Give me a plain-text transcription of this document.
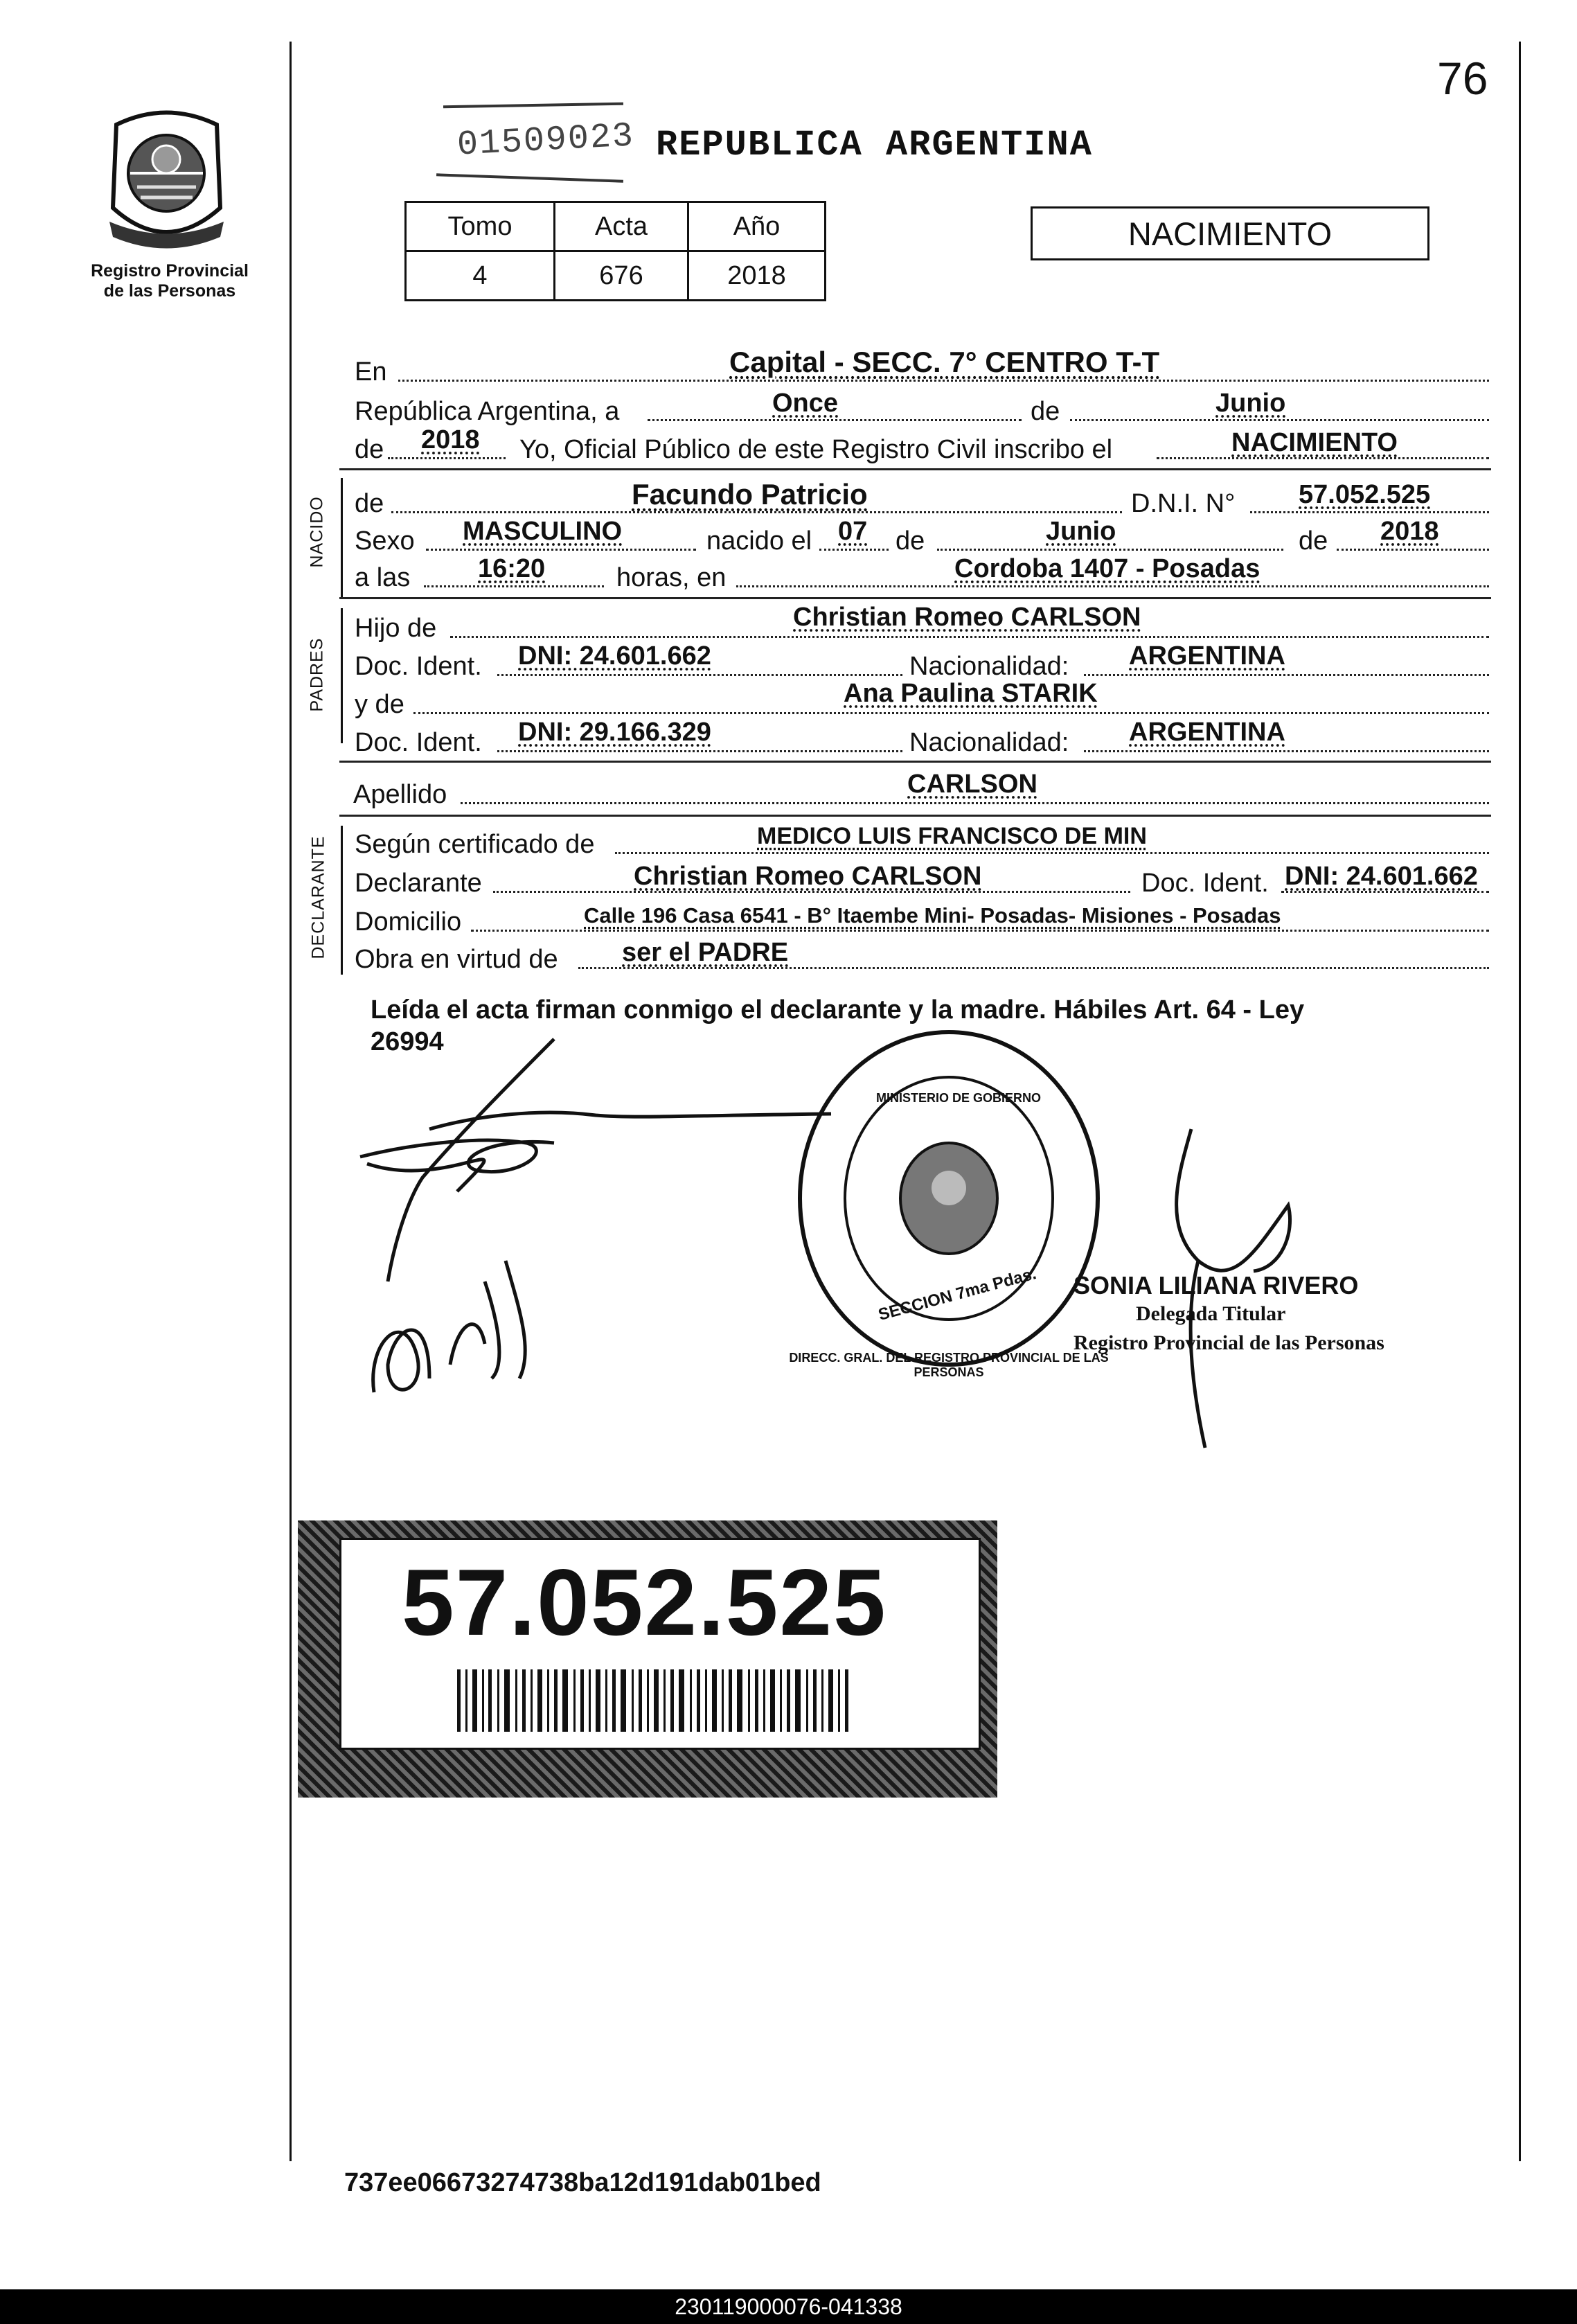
76
Registro Provincial
de las Personas
01509023 REPUBLICA ARGENTINA
Tomo	Acta	Año
4	676	2018
NACIMIENTO
En	Capital - SECC. 7° CENTRO T-T
República Argentina, a	Once	de	Junio
de 2018 Yo, Oficial Público de este Registro Civil inscribo el	NACIMIENTO
NACIDO de	Facundo Patricio	D.N.I. N° 57.052.525
Sexo MASCULINO	nacido el 07 de	Junio	de 2018
a las	16:20	horas, en	Cordoba 1407 - Posadas
PADRES
Hijo de	Christian Romeo CARLSON
Doc. Ident. DNI: 24.601.662	Nacionalidad: ARGENTINA
y de	Ana Paulina STARIK
Doc. Ident. DNI: 29.166.329	Nacionalidad: ARGENTINA
Apellido	CARLSON
DECLARANTE Según certificado de	MEDICO LUIS FRANCISCO DE MIN
Declarante	Christian Romeo CARLSON	Doc. Ident. DNI: 24.601.662
Domicilio	Calle 196 Casa 6541 - B° Itaembe Mini- Posadas- Misiones - Posadas
Obra en virtud de ser el PADRE
Leída el acta firman conmigo el declarante y la madre. Hábiles Art. 64 - Ley
26994
SECCION 7ma Pdas.
MINISTERIO DE GOBIERNO
DIRECC. GRAL. DEL REGISTRO PROVINCIAL DE LAS PERSONAS
SONIA LILIANA RIVERO
Delegada Titular
Registro Provincial de las Personas
57.052.525
737ee06673274738ba12d191dab01bed
230119000076-041338
